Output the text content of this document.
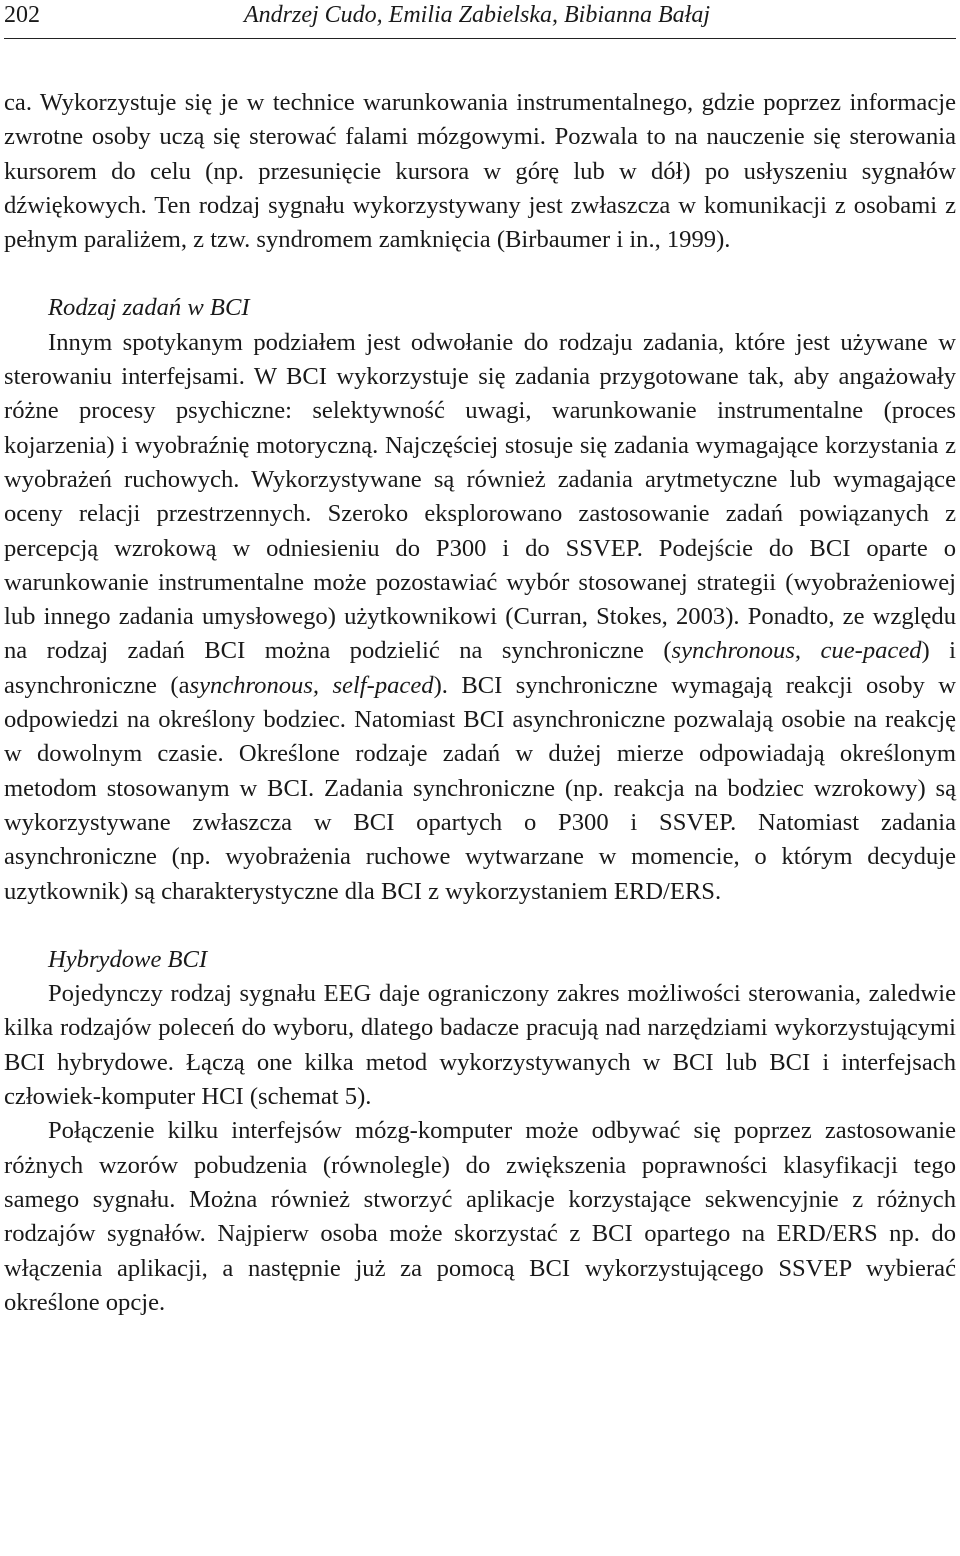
202	Andrzej Cudo, Emilia Zabielska, Bibianna Bałaj

ca. Wykorzystuje się je w technice warunkowania instrumentalnego, gdzie poprzez informacje zwrotne osoby uczą się sterować falami mózgowymi. Pozwala to na nauczenie się sterowania kursorem do celu (np. przesunięcie kursora w górę lub w dół) po usłyszeniu sygnałów dźwiękowych. Ten rodzaj sygnału wykorzystywany jest zwłaszcza w komunikacji z osobami z pełnym paraliżem, z tzw. syndromem zamknięcia (Birbaumer i in., 1999).

Rodzaj zadań w BCI

Innym spotykanym podziałem jest odwołanie do rodzaju zadania, które jest używane w sterowaniu interfejsami. W BCI wykorzystuje się zadania przygotowane tak, aby angażowały różne procesy psychiczne: selektywność uwagi, warunkowanie instrumentalne (proces kojarzenia) i wyobraźnię motoryczną. Najczęściej stosuje się zadania wymagające korzystania z wyobrażeń ruchowych. Wykorzystywane są również zadania arytmetyczne lub wymagające oceny relacji przestrzennych. Szeroko eksplorowano zastosowanie zadań powiązanych z percepcją wzrokową w odniesieniu do P300 i do SSVEP. Podejście do BCI oparte o warunkowanie instrumentalne może pozostawiać wybór stosowanej strategii (wyobrażeniowej lub innego zadania umysłowego) użytkownikowi (Curran, Stokes, 2003). Ponadto, ze względu na rodzaj zadań BCI można podzielić na synchroniczne (synchronous, cue-paced) i asynchroniczne (asynchronous, self-paced). BCI synchroniczne wymagają reakcji osoby w odpowiedzi na określony bodziec. Natomiast BCI asynchroniczne pozwalają osobie na reakcję w dowolnym czasie. Określone rodzaje zadań w dużej mierze odpowiadają określonym metodom stosowanym w BCI. Zadania synchroniczne (np. reakcja na bodziec wzrokowy) są wykorzystywane zwłaszcza w BCI opartych o P300 i SSVEP. Natomiast zadania asynchroniczne (np. wyobrażenia ruchowe wytwarzane w momencie, o którym decyduje uzytkownik) są charakterystyczne dla BCI z wykorzystaniem ERD/ERS.

Hybrydowe BCI

Pojedynczy rodzaj sygnału EEG daje ograniczony zakres możliwości sterowania, zaledwie kilka rodzajów poleceń do wyboru, dlatego badacze pracują nad narzędziami wykorzystującymi BCI hybrydowe. Łączą one kilka metod wykorzystywanych w BCI lub BCI i interfejsach człowiek-komputer HCI (schemat 5).

Połączenie kilku interfejsów mózg-komputer może odbywać się poprzez zastosowanie różnych wzorów pobudzenia (równolegle) do zwiększenia poprawności klasyfikacji tego samego sygnału. Można również stworzyć aplikacje korzystające sekwencyjnie z różnych rodzajów sygnałów. Najpierw osoba może skorzystać z BCI opartego na ERD/ERS np. do włączenia aplikacji, a następnie już za pomocą BCI wykorzystującego SSVEP wybierać określone opcje.
